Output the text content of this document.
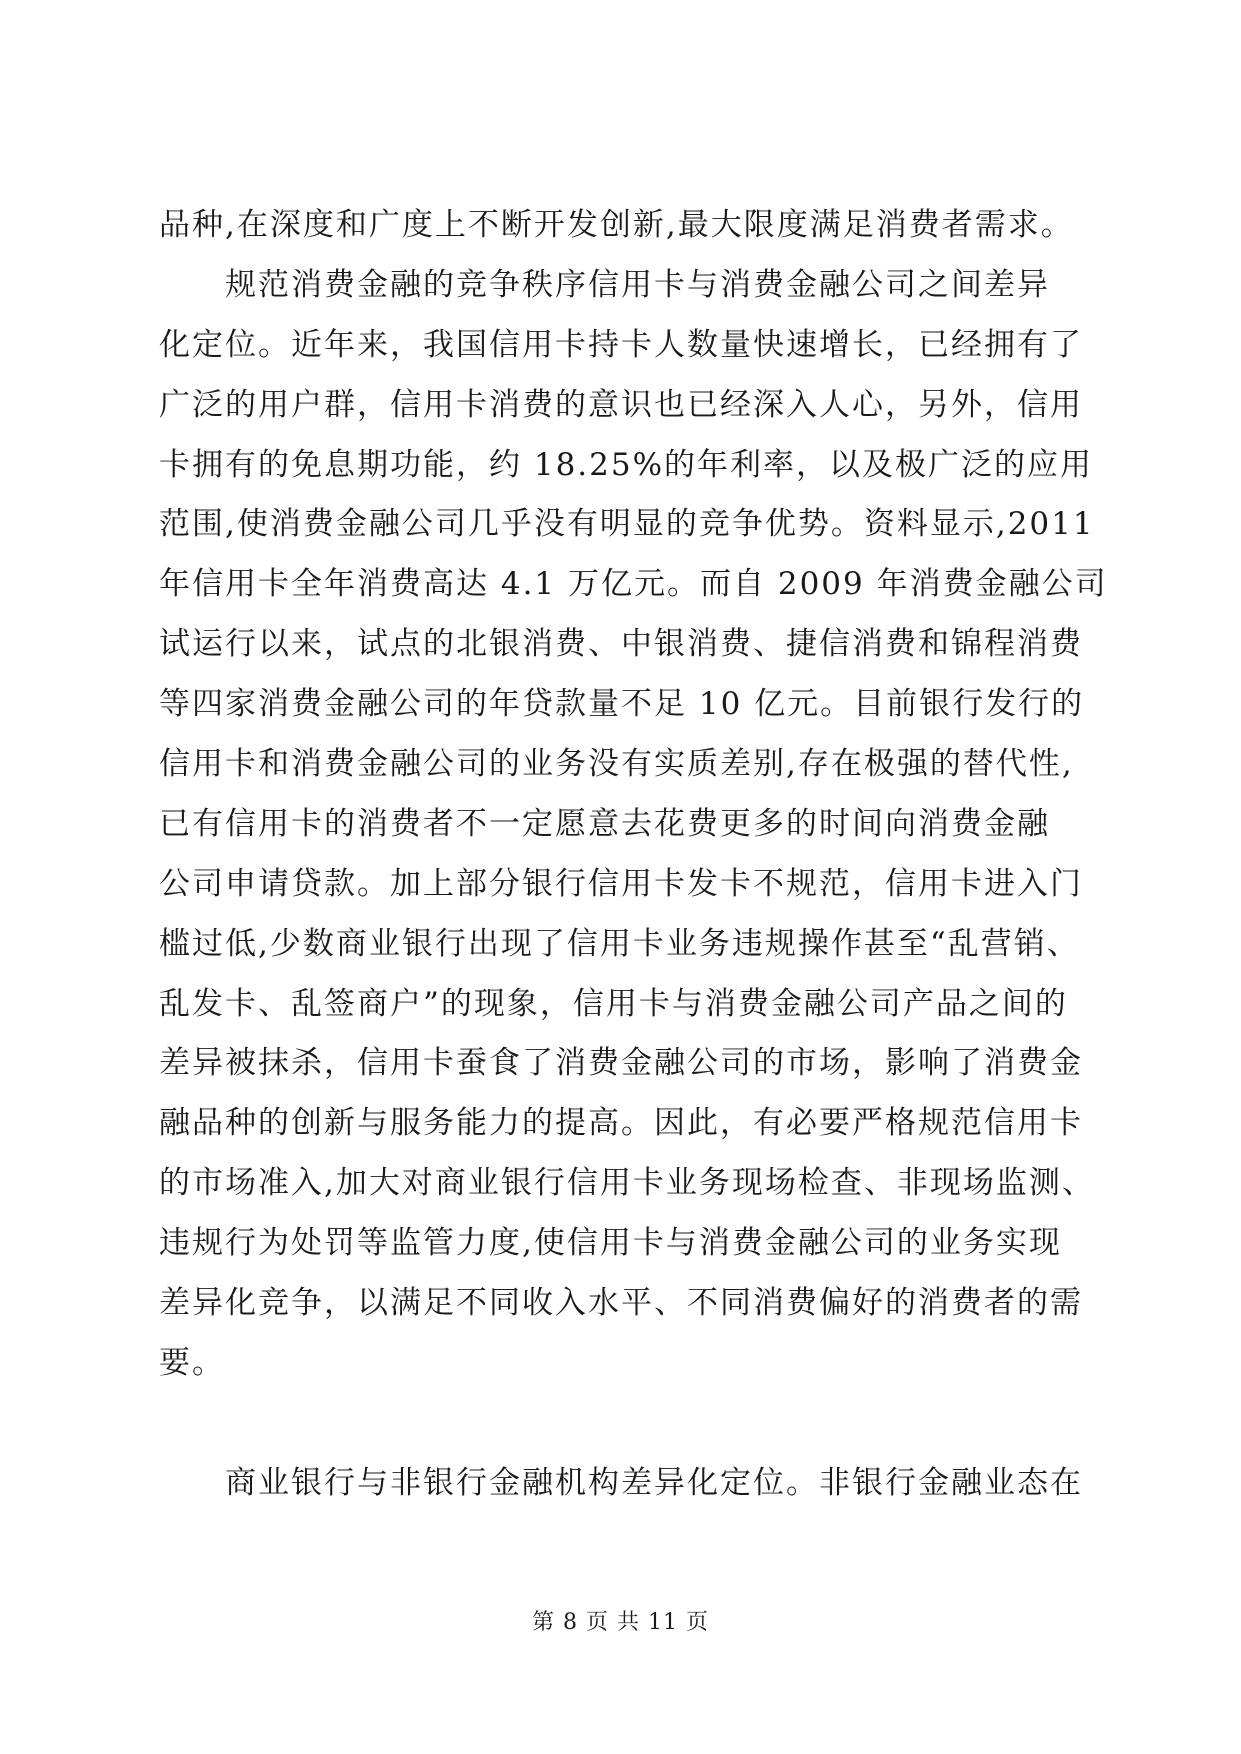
品种,在深度和广度上不断开发创新,最大限度满足消费者需求。
　　规范消费金融的竞争秩序信用卡与消费金融公司之间差异
化定位。近年来，我国信用卡持卡人数量快速增长，已经拥有了
广泛的用户群，信用卡消费的意识也已经深入人心，另外，信用
卡拥有的免息期功能，约 18.25%的年利率，以及极广泛的应用
范围,使消费金融公司几乎没有明显的竞争优势。资料显示,2011
年信用卡全年消费高达 4.1 万亿元。而自 2009 年消费金融公司
试运行以来，试点的北银消费、中银消费、捷信消费和锦程消费
等四家消费金融公司的年贷款量不足 10 亿元。目前银行发行的
信用卡和消费金融公司的业务没有实质差别,存在极强的替代性,
已有信用卡的消费者不一定愿意去花费更多的时间向消费金融
公司申请贷款。加上部分银行信用卡发卡不规范，信用卡进入门
槛过低,少数商业银行出现了信用卡业务违规操作甚至“乱营销、
乱发卡、乱签商户”的现象，信用卡与消费金融公司产品之间的
差异被抹杀，信用卡蚕食了消费金融公司的市场，影响了消费金
融品种的创新与服务能力的提高。因此，有必要严格规范信用卡
的市场准入,加大对商业银行信用卡业务现场检查、非现场监测、
违规行为处罚等监管力度,使信用卡与消费金融公司的业务实现
差异化竞争，以满足不同收入水平、不同消费偏好的消费者的需
要。
　　商业银行与非银行金融机构差异化定位。非银行金融业态在
第 8 页 共 11 页
